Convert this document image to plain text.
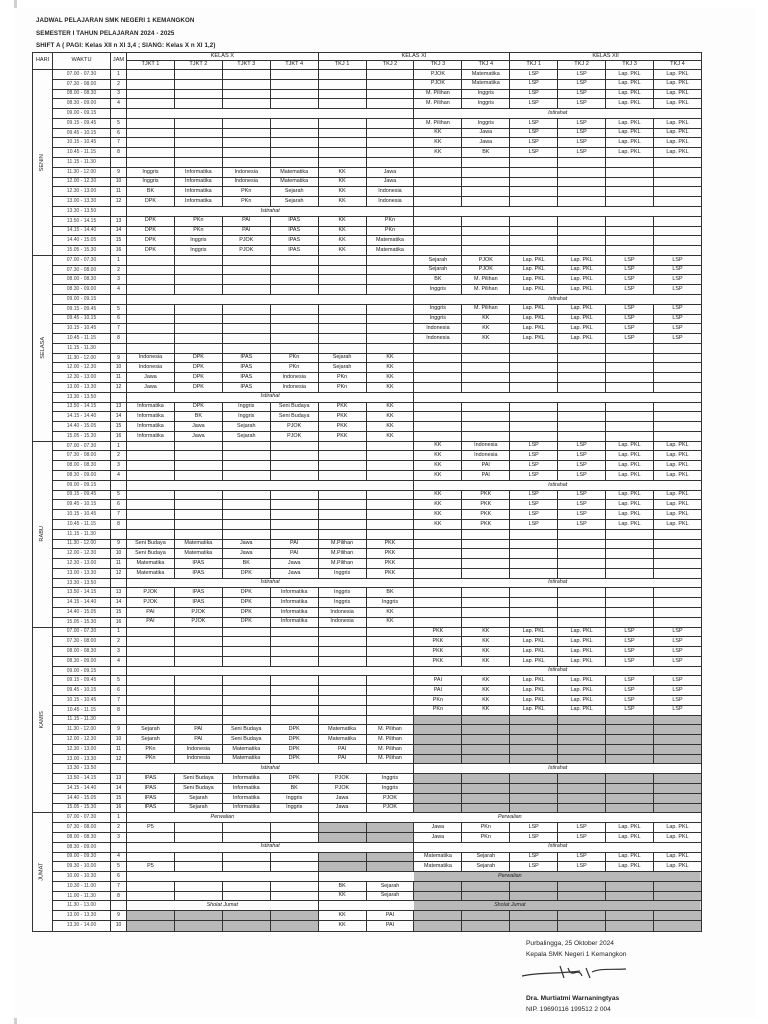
JADWAL PELAJARAN SMK NEGERI 1 KEMANGKON
SEMESTER I TAHUN PELAJARAN 2024 - 2025
SHIFT A ( PAGI: Kelas XII n XI 3,4 ; SIANG: Kelas X n XI 1,2)
HARI	WAKTU	JAM	KELAS X				KELAS XI				KELAS XII			
			TJKT 1	TJKT 2	TJKT 3	TJKT 4	TKJ 1	TKJ 2	TKJ 3	TKJ 4	TKJ 1	TKJ 2	TKJ 3	TKJ 4
SENIN	07.00 - 07.30	1							PJOK	Matematika	LSP	LSP	Lap. PKL	Lap. PKL
	07.30 - 08.00	2							PJOK	Matematika	LSP	LSP	Lap. PKL	Lap. PKL
	08.00 - 08.30	3							M. Pilihan	Inggris	LSP	LSP	Lap. PKL	Lap. PKL
	08.30 - 09.00	4							M. Pilihan	Inggris	LSP	LSP	Lap. PKL	Lap. PKL
	09.00 - 09.15								Istirahat					
	09.15 - 09.45	5							M. Pilihan	Inggris	LSP	LSP	Lap. PKL	Lap. PKL
	09.45 - 10.15	6							KK	Jawa	LSP	LSP	Lap. PKL	Lap. PKL
	10.15 - 10.45	7							KK	Jawa	LSP	LSP	Lap. PKL	Lap. PKL
	10.45 - 11.15	8							KK	BK	LSP	LSP	Lap. PKL	Lap. PKL
	11.15 - 11.30													
	11.30 - 12.00	9	Inggris	Informatika	Indonesia	Matematika	KK	Jawa						
	12.00 - 12.30	10	Inggris	Informatika	Indonesia	Matematika	KK	Jawa						
	12.30 - 13.00	11	BK	Informatika	PKn	Sejarah	KK	Indonesia						
	13.00 - 13.30	12	DPK	Informatika	PKn	Sejarah	KK	Indonesia						
	13.30 - 13.50		Istirahat											
	13.50 - 14.15	13	DPK	PKn	PAI	IPAS	KK	PKn						
	14.15 - 14.40	14	DPK	PKn	PAI	IPAS	KK	PKn						
	14.40 - 15.05	15	DPK	Inggris	PJOK	IPAS	KK	Matematika						
	15.05 - 15.30	16	DPK	Inggris	PJOK	IPAS	KK	Matematika						
SELASA	07.00 - 07.30	1							Sejarah	PJOK	Lap. PKL	Lap. PKL	LSP	LSP
	07.30 - 08.00	2							Sejarah	PJOK	Lap. PKL	Lap. PKL	LSP	LSP
	08.00 - 08.30	3							BK	M. Pilihan	Lap. PKL	Lap. PKL	LSP	LSP
	08.30 - 09.00	4							Inggris	M. Pilihan	Lap. PKL	Lap. PKL	LSP	LSP
	09.00 - 09.15								Istirahat					
	09.15 - 09.45	5							Inggris	M. Pilihan	Lap. PKL	Lap. PKL	LSP	LSP
	09.45 - 10.15	6							Inggris	KK	Lap. PKL	Lap. PKL	LSP	LSP
	10.15 - 10.45	7							Indonesia	KK	Lap. PKL	Lap. PKL	LSP	LSP
	10.45 - 11.15	8							Indonesia	KK	Lap. PKL	Lap. PKL	LSP	LSP
	11.15 - 11.30													
	11.30 - 12.00	9	Indonesia	DPK	IPAS	PKn	Sejarah	KK						
	12.00 - 12.30	10	Indonesia	DPK	IPAS	PKn	Sejarah	KK						
	12.30 - 13.00	11	Jawa	DPK	IPAS	Indonesia	PKn	KK						
	13.00 - 13.30	12	Jawa	DPK	IPAS	Indonesia	PKn	KK						
	13.30 - 13.50		Istirahat											
	13.50 - 14.15	13	Informatika	DPK	Inggris	Seni Budaya	PKK	KK						
	14.15 - 14.40	14	Informatika	BK	Inggris	Seni Budaya	PKK	KK						
	14.40 - 15.05	15	Informatika	Jawa	Sejarah	PJOK	PKK	KK						
	15.05 - 15.30	16	Informatika	Jawa	Sejarah	PJOK	PKK	KK						
RABU	07.00 - 07.30	1							KK	Indonesia	LSP	LSP	Lap. PKL	Lap. PKL
	07.30 - 08.00	2							KK	Indonesia	LSP	LSP	Lap. PKL	Lap. PKL
	08.00 - 08.30	3							KK	PAI	LSP	LSP	Lap. PKL	Lap. PKL
	08.30 - 09.00	4							KK	PAI	LSP	LSP	Lap. PKL	Lap. PKL
	09.00 - 09.15								Istirahat					
	09.15 - 09.45	5							KK	PKK	LSP	LSP	Lap. PKL	Lap. PKL
	09.45 - 10.15	6							KK	PKK	LSP	LSP	Lap. PKL	Lap. PKL
	10.15 - 10.45	7							KK	PKK	LSP	LSP	Lap. PKL	Lap. PKL
	10.45 - 11.15	8							KK	PKK	LSP	LSP	Lap. PKL	Lap. PKL
	11.15 - 11.30													
	11.30 - 12.00	9	Seni Budaya	Matematika	Jawa	PAI	M.Pilihan	PKK						
	12.00 - 12.30	10	Seni Budaya	Matematika	Jawa	PAI	M.Pilihan	PKK						
	12.30 - 13.00	11	Matematika	IPAS	BK	Jawa	M.Pilihan	PKK						
	13.00 - 13.30	12	Matematika	IPAS	DPK	Jawa	Inggris	PKK						
	13.30 - 13.50		Istirahat						Istirahat					
	13.50 - 14.15	13	PJOK	IPAS	DPK	Informatika	Inggris	BK						
	14.15 - 14.40	14	PJOK	IPAS	DPK	Informatika	Inggris	Inggris						
	14.40 - 15.05	15	PAI	PJOK	DPK	Informatika	Indonesia	KK						
	15.05 - 15.30	16	PAI	PJOK	DPK	Informatika	Indonesia	KK						
KAMIS	07.00 - 07.30	1							PKK	KK	Lap. PKL	Lap. PKL	LSP	LSP
	07.30 - 08.00	2							PKK	KK	Lap. PKL	Lap. PKL	LSP	LSP
	08.00 - 08.30	3							PKK	KK	Lap. PKL	Lap. PKL	LSP	LSP
	08.30 - 09.00	4							PKK	KK	Lap. PKL	Lap. PKL	LSP	LSP
	09.00 - 09.15								Istirahat					
	09.15 - 09.45	5							PAI	KK	Lap. PKL	Lap. PKL	LSP	LSP
	09.45 - 10.15	6							PAI	KK	Lap. PKL	Lap. PKL	LSP	LSP
	10.15 - 10.45	7							PKn	KK	Lap. PKL	Lap. PKL	LSP	LSP
	10.45 - 11.15	8							PKn	KK	Lap. PKL	Lap. PKL	LSP	LSP
	11.15 - 11.30													
	11.30 - 12.00	9	Sejarah	PAI	Seni Budaya	DPK	Matematika	M. Pilihan						
	12.00 - 12.30	10	Sejarah	PAI	Seni Budaya	DPK	Matematika	M. Pilihan						
	12.30 - 13.00	11	PKn	Indonesia	Matematika	DPK	PAI	M. Pilihan						
	13.00 - 13.30	12	PKn	Indonesia	Matematika	DPK	PAI	M. Pilihan						
	13.30 - 13.50		Istirahat						Istirahat					
	13.50 - 14.15	13	IPAS	Seni Budaya	Informatika	DPK	PJOK	Inggris						
	14.15 - 14.40	14	IPAS	Seni Budaya	Informatika	BK	PJOK	Inggris						
	14.40 - 15.05	15	IPAS	Sejarah	Informatika	Inggris	Jawa	PJOK						
	15.05 - 15.30	16	IPAS	Sejarah	Informatika	Inggris	Jawa	PJOK						
JUMAT	07.00 - 07.30	1	Perwalian				Perwalian							
	07.30 - 08.00	2	P5						Jawa	PKn	LSP	LSP	Lap. PKL	Lap. PKL
	08.00 - 08.30	3							Jawa	PKn	LSP	LSP	Lap. PKL	Lap. PKL
	08.30 - 09.00		Istirahat						Istirahat					
	09.00 - 09.30	4							Matematika	Sejarah	LSP	LSP	Lap. PKL	Lap. PKL
	09.30 - 10.00	5	P5						Matematika	Sejarah	LSP	LSP	Lap. PKL	Lap. PKL
	10.00 - 10.30	6					Perwalian							
	10.30 - 11.00	7					BK	Sejarah						
	11.00 - 11.30	8					KK	Sejarah						
	11.30 - 13.00		Sholat Jumat				Sholat Jumat							
	13.00 - 13.30	9					KK	PAI						
	13.30 - 14.00	10					KK	PAI						
Purbalingga, 25 Oktober 2024
Kepala SMK Negeri 1 Kemangkon
Dra. Murtiatmi Warnaningtyas
NIP. 19690116 199512 2 004
